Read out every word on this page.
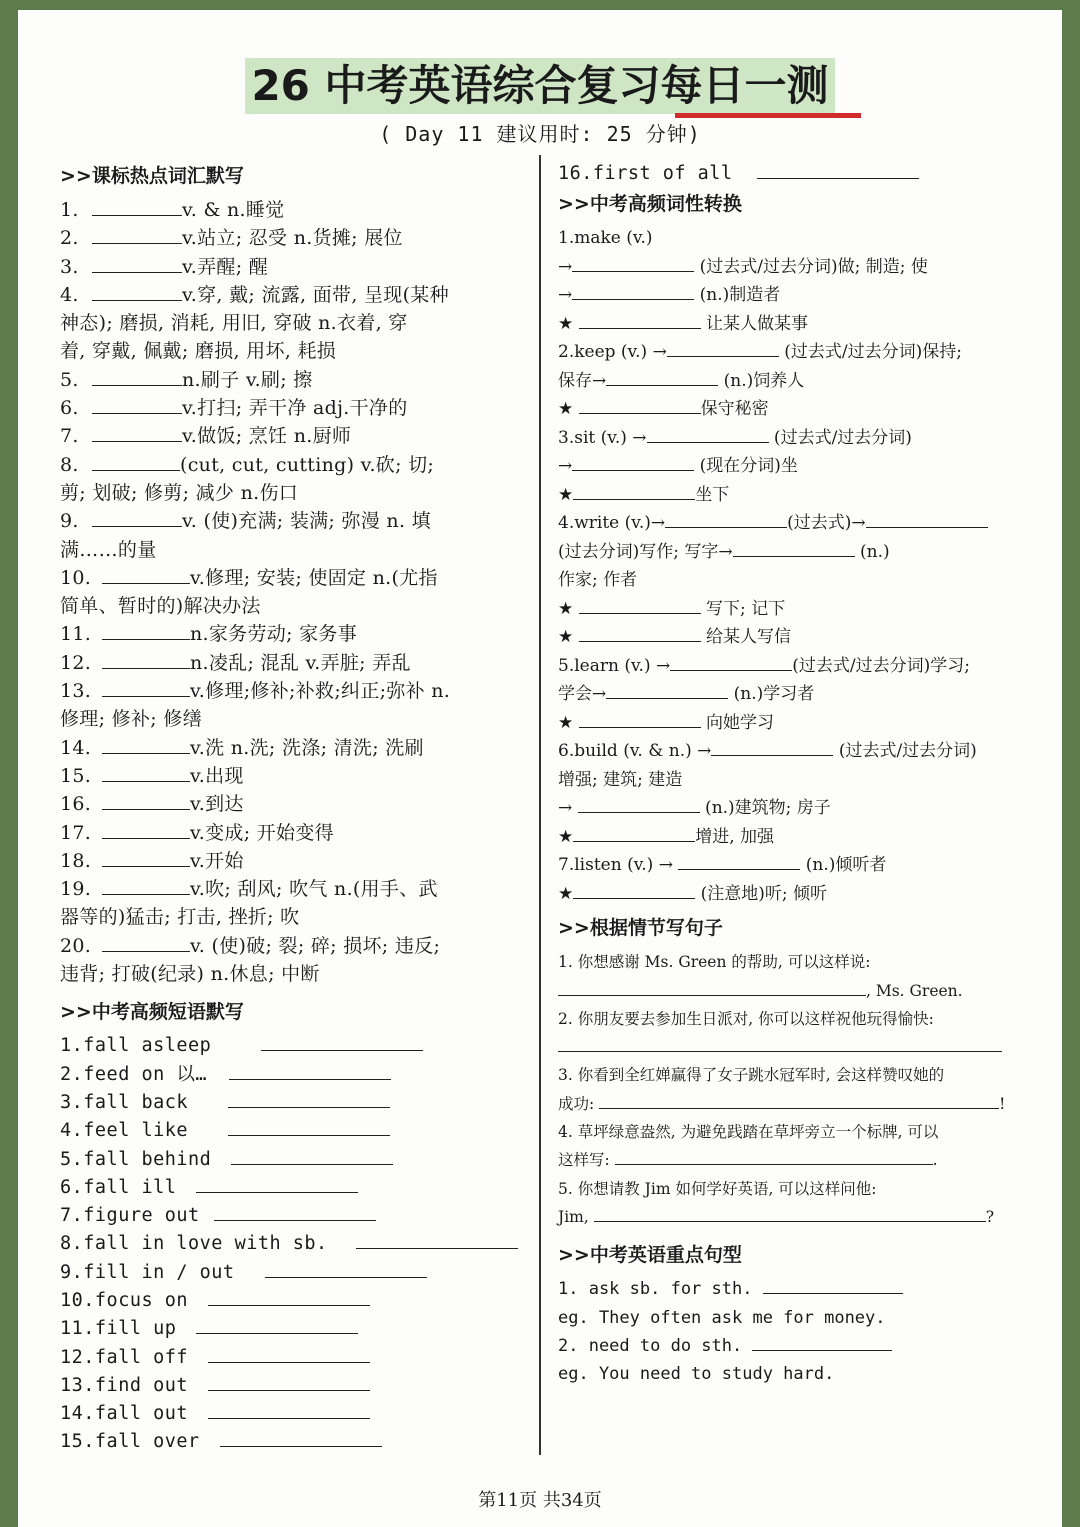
26 中考英语综合复习每日一测
( Day 11 建议用时: 25 分钟)
>>课标热点词汇默写
1.	v. & n.睡觉
2.	v.站立; 忍受 n.货摊; 展位
3.	v.弄醒; 醒
4.	v.穿, 戴; 流露, 面带, 呈现(某种
神态); 磨损, 消耗, 用旧, 穿破 n.衣着, 穿
着, 穿戴, 佩戴; 磨损, 用坏, 耗损
5.	n.刷子 v.刷; 擦
6.	v.打扫; 弄干净 adj.干净的
7.	v.做饭; 烹饪 n.厨师
8.	(cut, cut, cutting) v.砍; 切;
剪; 划破; 修剪; 减少 n.伤口
9.	v. (使)充满; 装满; 弥漫 n. 填
满……的量
10.	v.修理; 安装; 使固定 n.(尤指
简单、暂时的)解决办法
11.	n.家务劳动; 家务事
12.	n.凌乱; 混乱 v.弄脏; 弄乱
13.	v.修理;修补;补救;纠正;弥补 n.
修理; 修补; 修缮
14.	v.洗 n.洗; 洗涤; 清洗; 洗刷
15.	v.出现
16.	v.到达
17.	v.变成; 开始变得
18.	v.开始
19.	v.吹; 刮风; 吹气 n.(用手、武
器等的)猛击; 打击, 挫折; 吹
20.	v. (使)破; 裂; 碎; 损坏; 违反;
违背; 打破(纪录) n.休息; 中断
>>中考高频短语默写
1.fall asleep
2.feed on 以…
3.fall back
4.feel like
5.fall behind
6.fall ill
7.figure out
8.fall in love with sb.
9.fill in / out
10.focus on
11.fill up
12.fall off
13.find out
14.fall out
15.fall over
16.first of all
>>中考高频词性转换
1.make (v.)
→	(过去式/过去分词)做; 制造; 使
→	(n.)制造者
★	让某人做某事
2.keep (v.) →	(过去式/过去分词)保持;
保存→	(n.)饲养人
★	保守秘密
3.sit (v.) →	(过去式/过去分词)
→	(现在分词)坐
★	坐下
4.write (v.)→	(过去式)→
(过去分词)写作; 写字→	(n.)
作家; 作者
★	写下; 记下
★	给某人写信
5.learn (v.) →	(过去式/过去分词)学习;
学会→	(n.)学习者
★	向她学习
6.build (v. & n.) →	(过去式/过去分词)
增强; 建筑; 建造
→	(n.)建筑物; 房子
★	增进, 加强
7.listen (v.) →	(n.)倾听者
★	(注意地)听; 倾听
>>根据情节写句子
1. 你想感谢 Ms. Green 的帮助, 可以这样说:
, Ms. Green.
2. 你朋友要去参加生日派对, 你可以这样祝他玩得愉快:
3. 你看到全红婵赢得了女子跳水冠军时, 会这样赞叹她的
成功:	!
4. 草坪绿意盎然, 为避免践踏在草坪旁立一个标牌, 可以
这样写:	.
5. 你想请教 Jim 如何学好英语, 可以这样问他:
Jim,	?
>>中考英语重点句型
1. ask sb. for sth.
eg. They often ask me for money.
2. need to do sth.
eg. You need to study hard.
第11页 共34页
